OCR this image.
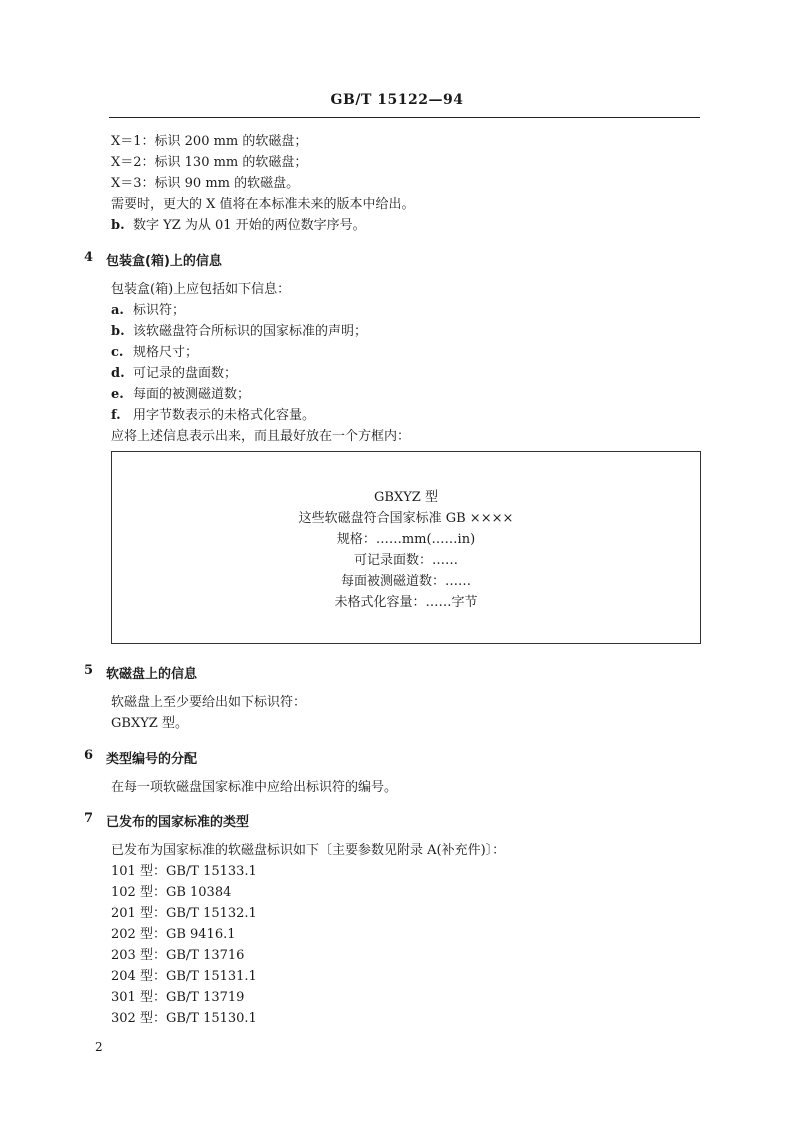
GB/T 15122—94
X＝1：标识 200 mm 的软磁盘；
X＝2：标识 130 mm 的软磁盘；
X＝3：标识 90 mm 的软磁盘。
需要时，更大的 X 值将在本标准未来的版本中给出。
b. 数字 YZ 为从 01 开始的两位数字序号。
4 包装盒(箱)上的信息
包装盒(箱)上应包括如下信息：
a. 标识符；
b. 该软磁盘符合所标识的国家标准的声明；
c. 规格尺寸；
d. 可记录的盘面数；
e. 每面的被测磁道数；
f. 用字节数表示的未格式化容量。
应将上述信息表示出来，而且最好放在一个方框内：
GBXYZ 型
这些软磁盘符合国家标准 GB ××××
规格：……mm(……in)
可记录面数：……
每面被测磁道数：……
未格式化容量：……字节
5 软磁盘上的信息
软磁盘上至少要给出如下标识符：
GBXYZ 型。
6 类型编号的分配
在每一项软磁盘国家标准中应给出标识符的编号。
7 已发布的国家标准的类型
已发布为国家标准的软磁盘标识如下〔主要参数见附录 A(补充件)〕：
101 型：GB/T 15133.1
102 型：GB 10384
201 型：GB/T 15132.1
202 型：GB 9416.1
203 型：GB/T 13716
204 型：GB/T 15131.1
301 型：GB/T 13719
302 型：GB/T 15130.1
2
